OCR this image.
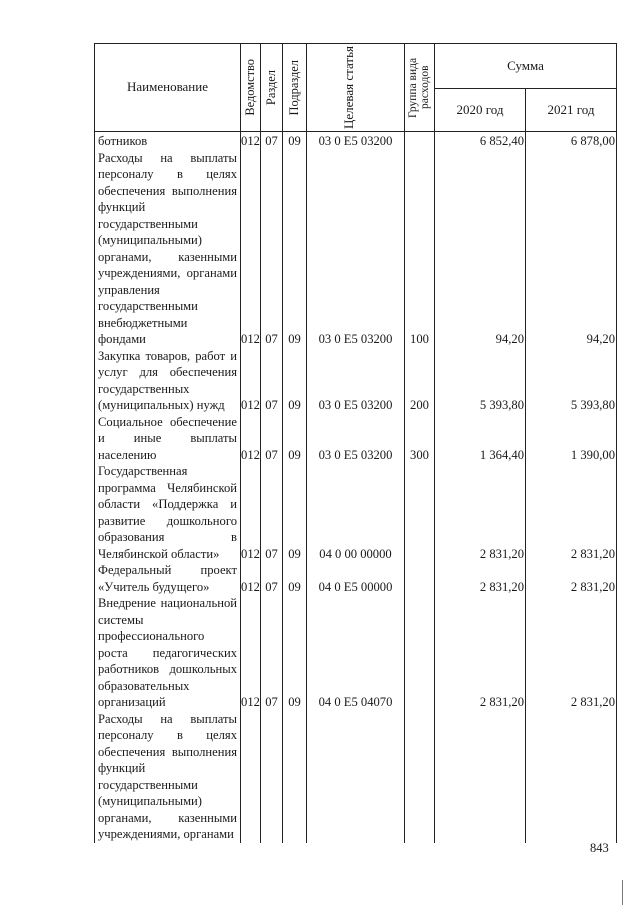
Наименование	Ведомство	Раздел	Подраздел	Целевая статья	Группа вида расходов	Сумма	
						2020 год	2021 год
ботников	012	07	09	03 0 E5 03200		6 852,40	6 878,00
Расходы на выплаты персоналу в целях обеспечения выполнения функций государственными (муниципальными) органами, казенными учреждениями, органами управления государственными внебюджетными фондами	012	07	09	03 0 E5 03200	100	94,20	94,20
Закупка товаров, работ и услуг для обеспечения государственных (муниципальных) нужд	012	07	09	03 0 E5 03200	200	5 393,80	5 393,80
Социальное обеспечение и иные выплаты населению	012	07	09	03 0 E5 03200	300	1 364,40	1 390,00
Государственная программа Челябинской области «Поддержка и развитие дошкольного образования в Челябинской области»	012	07	09	04 0 00 00000		2 831,20	2 831,20
Федеральный проект «Учитель будущего»	012	07	09	04 0 E5 00000		2 831,20	2 831,20
Внедрение национальной системы профессионального роста педагогических работников дошкольных образовательных организаций	012	07	09	04 0 E5 04070		2 831,20	2 831,20
Расходы на выплаты персоналу в целях обеспечения выполнения функций государственными (муниципальными) органами, казенными учреждениями, органами							
843
